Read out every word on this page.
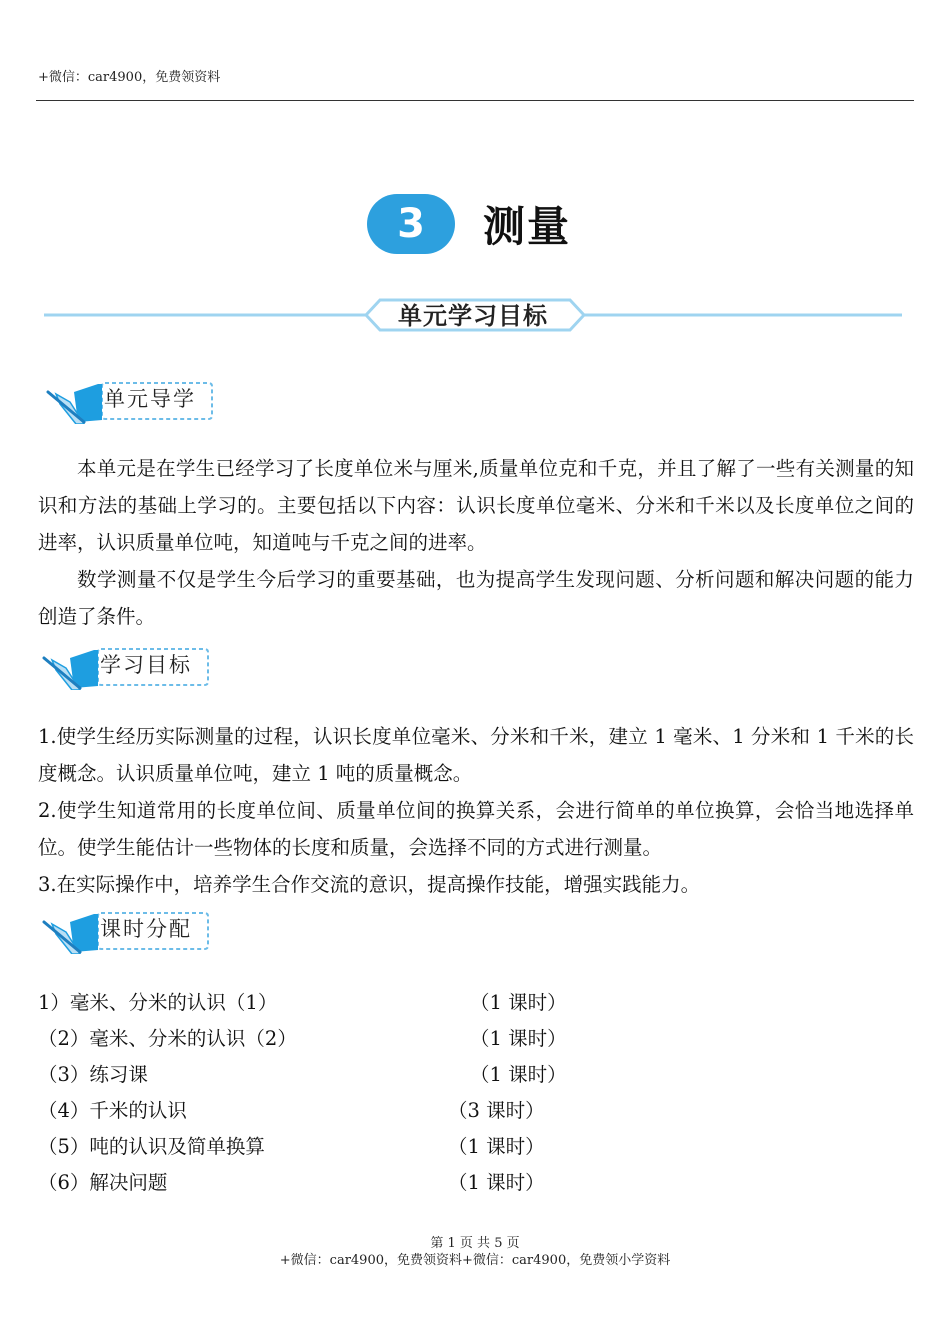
+微信：car4900，免费领资料
3	测量
单元学习目标
单元导学
本单元是在学生已经学习了长度单位米与厘米,质量单位克和千克，并且了解了一些有关测量的知识和方法的基础上学习的。主要包括以下内容：认识长度单位毫米、分米和千米以及长度单位之间的进率，认识质量单位吨，知道吨与千克之间的进率。
数学测量不仅是学生今后学习的重要基础，也为提高学生发现问题、分析问题和解决问题的能力创造了条件。
学习目标
1.使学生经历实际测量的过程，认识长度单位毫米、分米和千米，建立 1 毫米、1 分米和 1 千米的长度概念。认识质量单位吨，建立 1 吨的质量概念。
2.使学生知道常用的长度单位间、质量单位间的换算关系，会进行简单的单位换算，会恰当地选择单位。使学生能估计一些物体的长度和质量，会选择不同的方式进行测量。
3.在实际操作中，培养学生合作交流的意识，提高操作技能，增强实践能力。
课时分配
1）毫米、分米的认识（1）	（1 课时）
（2）毫米、分米的认识（2）	（1 课时）
（3）练习课	（1 课时）
（4）千米的认识	（3 课时）
（5）吨的认识及简单换算	（1 课时）
（6）解决问题	（1 课时）
第 1 页 共 5 页
+微信：car4900，免费领资料+微信：car4900，免费领小学资料
